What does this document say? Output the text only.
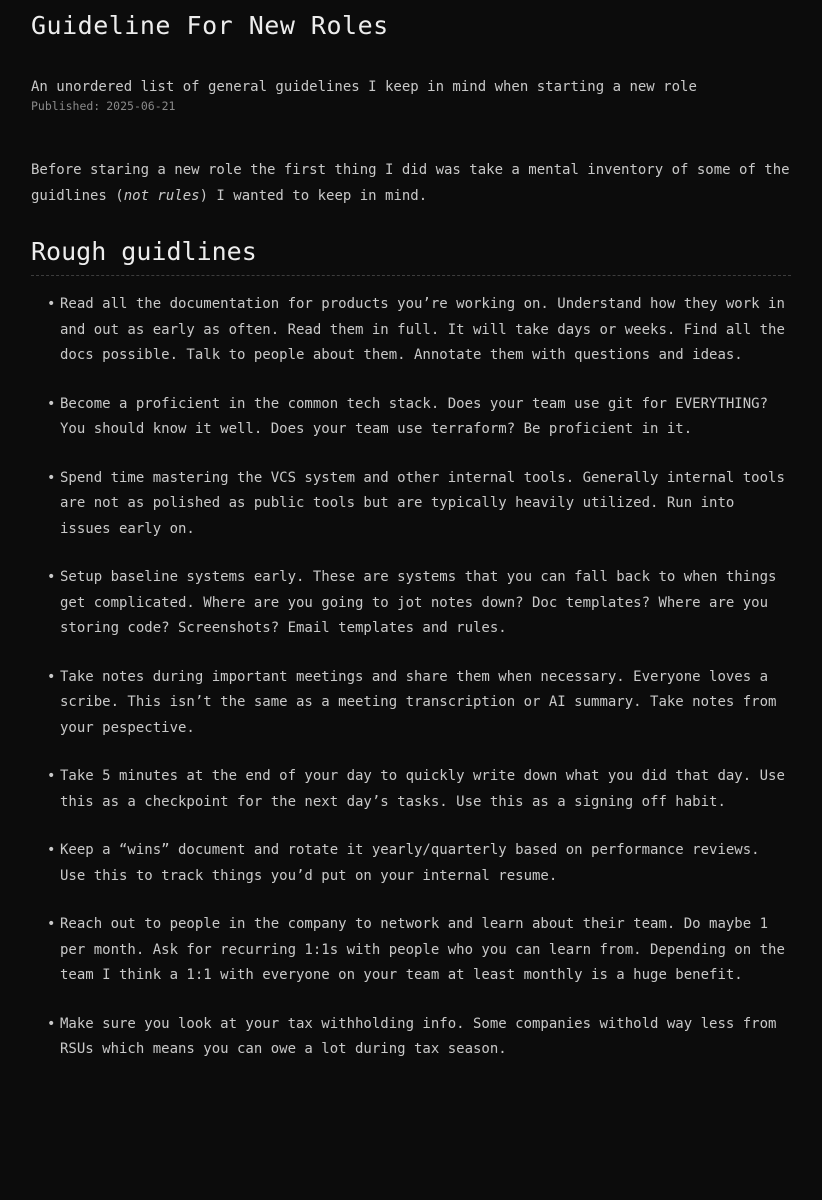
Guideline For New Roles

An unordered list of general guidelines I keep in mind when starting a new role

Published: 2025-06-21

Before staring a new role the first thing I did was take a mental inventory of some of the guidlines (not rules) I wanted to keep in mind.

Rough guidlines
• Read all the documentation for products you’re working on. Understand how they work in and out as early as often. Read them in full. It will take days or weeks. Find all the docs possible. Talk to people about them. Annotate them with questions and ideas.
• Become a proficient in the common tech stack. Does your team use git for EVERYTHING? You should know it well. Does your team use terraform? Be proficient in it.
• Spend time mastering the VCS system and other internal tools. Generally internal tools are not as polished as public tools but are typically heavily utilized. Run into issues early on.
• Setup baseline systems early. These are systems that you can fall back to when things get complicated. Where are you going to jot notes down? Doc templates? Where are you storing code? Screenshots? Email templates and rules.
• Take notes during important meetings and share them when necessary. Everyone loves a scribe. This isn’t the same as a meeting transcription or AI summary. Take notes from your pespective.
• Take 5 minutes at the end of your day to quickly write down what you did that day. Use this as a checkpoint for the next day’s tasks. Use this as a signing off habit.
• Keep a “wins” document and rotate it yearly/quarterly based on performance reviews. Use this to track things you’d put on your internal resume.
• Reach out to people in the company to network and learn about their team. Do maybe 1 per month. Ask for recurring 1:1s with people who you can learn from. Depending on the team I think a 1:1 with everyone on your team at least monthly is a huge benefit.
• Make sure you look at your tax withholding info. Some companies withold way less from RSUs which means you can owe a lot during tax season.
